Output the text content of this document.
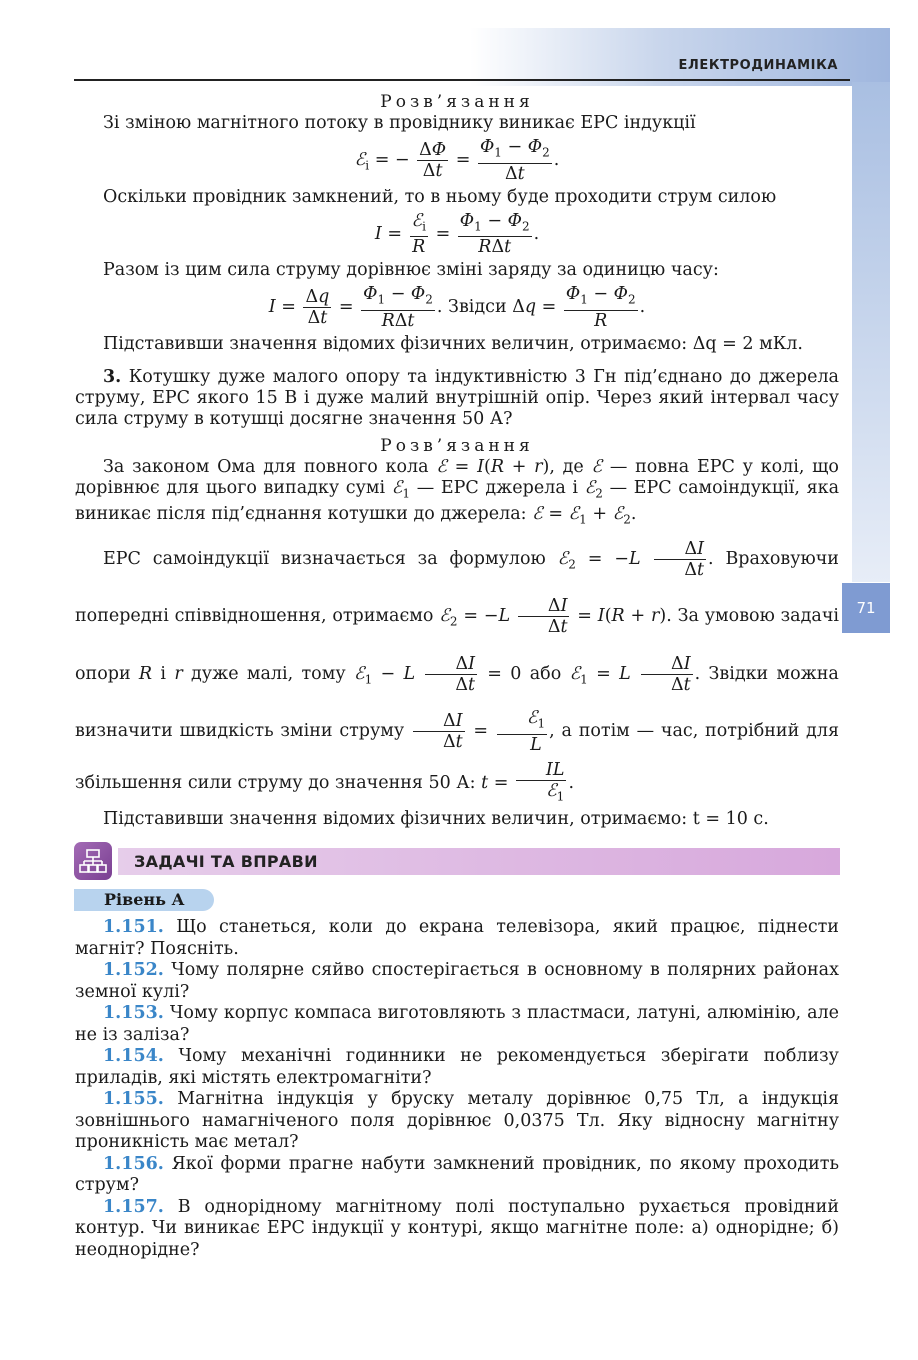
ЕЛЕКТРОДИНАМІКА
71

Розв’язання

Зі зміною магнітного потоку в провіднику виникає ЕРС індукції

ℰ$_i$ = − $\frac{\Delta\Phi}{\Delta t} = \frac{\Phi_1 - \Phi_2}{\Delta t}$ .

Оскільки провідник замкнений, то в ньому буде проходити струм силою

I =
ℰ$_i$
R
=
$\Phi_1 - \Phi_2$
RΔt
.

Разом із цим сила струму дорівнює зміні заряду за одиницю часу:

$I = \frac{\Delta q}{\Delta t}$ =
$\Phi_1 - \Phi_2$
RΔt
. Звідси $\Delta q = \frac{\Phi_1 - \Phi_2}{R}$ .

Підставивши значення відомих фізичних величин, отримаємо: Δq = 2 мКл.

3. Котушку дуже малого опору та індуктивністю 3 Гн під’єднано до джерела струму, ЕРС якого 15 В і дуже малий внутрішній опір. Через який інтервал часу сила струму в котушці досягне значення 50 А?

Розв’язання

За законом Ома для повного кола ℰ = I(R + r), де ℰ — повна ЕРС у колі, що дорівнює для цього випадку сумі ℰ$_1$ — ЕРС джерела і ℰ$_2$ — ЕРС самоіндукції, яка виникає після під’єднання котушки до джерела: ℰ = ℰ$_1$ + ℰ$_2$.

ЕРС самоіндукції визначається за формулою ℰ$_2$ = $-L \frac{\Delta I}{\Delta t}$ . Враховуючи попередні співвідношення, отримаємо ℰ$_2$ = $-L \frac{\Delta I}{\Delta t} = I(R + r)$. За умовою задачі опори R і r дуже малі, тому ℰ$_1$ − L $\frac{\Delta I}{\Delta t} = 0$ або ℰ$_1$ = L $\frac{\Delta I}{\Delta t}$ . Звідки можна визначити швидкість зміни струму $\frac{\Delta I}{\Delta t}$ =
ℰ$_1$
L
, а потім — час, потрібний для збільшення сили струму до значення 50 А: t =
IL
ℰ$_1$
.

Підставивши значення відомих фізичних величин, отримаємо: t = 10 с.

ЗАДАЧІ ТА ВПРАВИ
Рівень А

1.151. Що станеться, коли до екрана телевізора, який працює, піднести магніт? Поясніть.

1.152. Чому полярне сяйво спостерігається в основному в полярних районах земної кулі?

1.153. Чому корпус компаса виготовляють з пластмаси, латуні, алюмінію, але не із заліза?

1.154. Чому механічні годинники не рекомендується зберігати поблизу приладів, які містять електромагніти?

1.155. Магнітна індукція у бруску металу дорівнює 0,75 Тл, а індукція зовнішнього намагніченого поля дорівнює 0,0375 Тл. Яку відносну магнітну проникність має метал?

1.156. Якої форми прагне набути замкнений провідник, по якому проходить струм?

1.157. В однорідному магнітному полі поступально рухається провідний контур. Чи виникає ЕРС індукції у контурі, якщо магнітне поле: а) однорідне; б) неоднорідне?
